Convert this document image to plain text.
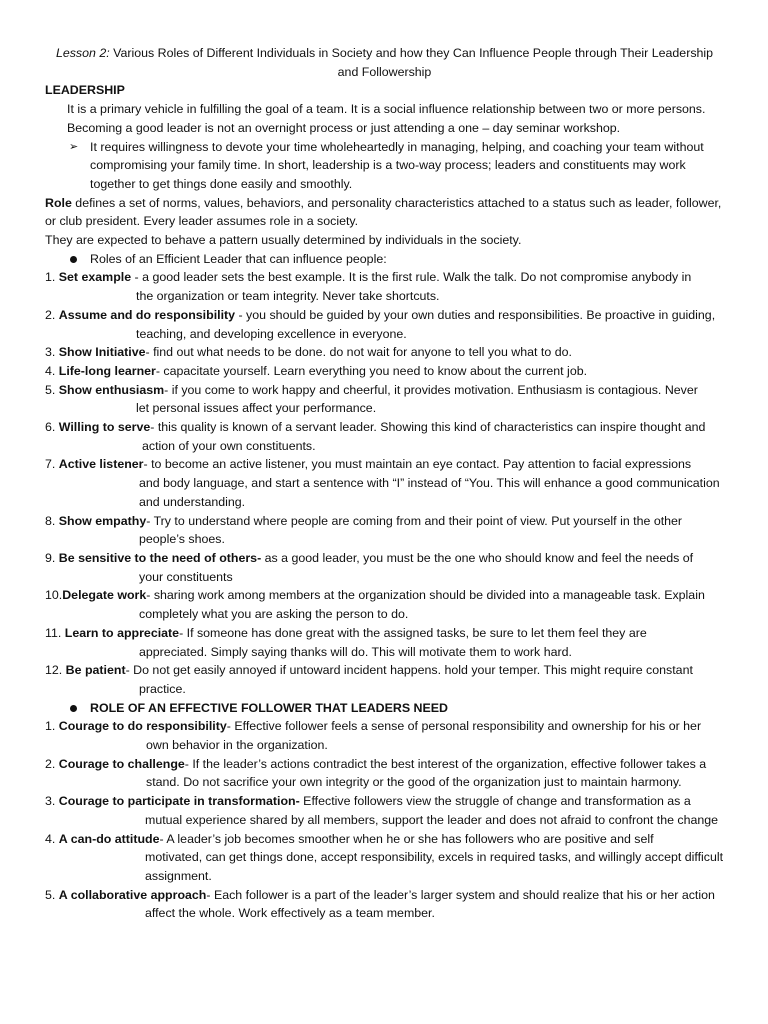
Lesson 2: Various Roles of Different Individuals in Society and how they Can Influence People through Their Leadership and Followership

LEADERSHIP

It is a primary vehicle in fulfilling the goal of a team. It is a social influence relationship between two or more persons.

Becoming a good leader is not an overnight process or just attending a one – day seminar workshop.

➢ It requires willingness to devote your time wholeheartedly in managing, helping, and coaching your team without compromising your family time. In short, leadership is a two-way process; leaders and constituents may work together to get things done easily and smoothly.

Role defines a set of norms, values, behaviors, and personality characteristics attached to a status such as leader, follower, or club president. Every leader assumes role in a society.

They are expected to behave a pattern usually determined by individuals in the society.

Roles of an Efficient Leader that can influence people:

1. Set example - a good leader sets the best example. It is the first rule. Walk the talk. Do not compromise anybody in
the organization or team integrity. Never take shortcuts.
2. Assume and do responsibility - you should be guided by your own duties and responsibilities. Be proactive in guiding,
teaching, and developing excellence in everyone.
3. Show Initiative- find out what needs to be done. do not wait for anyone to tell you what to do.
4. Life-long learner- capacitate yourself. Learn everything you need to know about the current job.
5. Show enthusiasm- if you come to work happy and cheerful, it provides motivation. Enthusiasm is contagious. Never
let personal issues affect your performance.
6. Willing to serve- this quality is known of a servant leader. Showing this kind of characteristics can inspire thought and
action of your own constituents.
7. Active listener- to become an active listener, you must maintain an eye contact. Pay attention to facial expressions
and body language, and start a sentence with “I” instead of “You. This will enhance a good communication and understanding.
8. Show empathy- Try to understand where people are coming from and their point of view. Put yourself in the other
people’s shoes.
9. Be sensitive to the need of others- as a good leader, you must be the one who should know and feel the needs of
your constituents
10.Delegate work- sharing work among members at the organization should be divided into a manageable task. Explain
completely what you are asking the person to do.
11. Learn to appreciate- If someone has done great with the assigned tasks, be sure to let them feel they are
appreciated. Simply saying thanks will do. This will motivate them to work hard.
12. Be patient- Do not get easily annoyed if untoward incident happens. hold your temper. This might require constant
practice.

ROLE OF AN EFFECTIVE FOLLOWER THAT LEADERS NEED

1. Courage to do responsibility- Effective follower feels a sense of personal responsibility and ownership for his or her
own behavior in the organization.
2. Courage to challenge- If the leader’s actions contradict the best interest of the organization, effective follower takes a
stand. Do not sacrifice your own integrity or the good of the organization just to maintain harmony.
3. Courage to participate in transformation- Effective followers view the struggle of change and transformation as a
mutual experience shared by all members, support the leader and does not afraid to confront the change
4. A can-do attitude- A leader’s job becomes smoother when he or she has followers who are positive and self
motivated, can get things done, accept responsibility, excels in required tasks, and willingly accept difficult assignment.
5. A collaborative approach- Each follower is a part of the leader’s larger system and should realize that his or her action
affect the whole. Work effectively as a team member.
